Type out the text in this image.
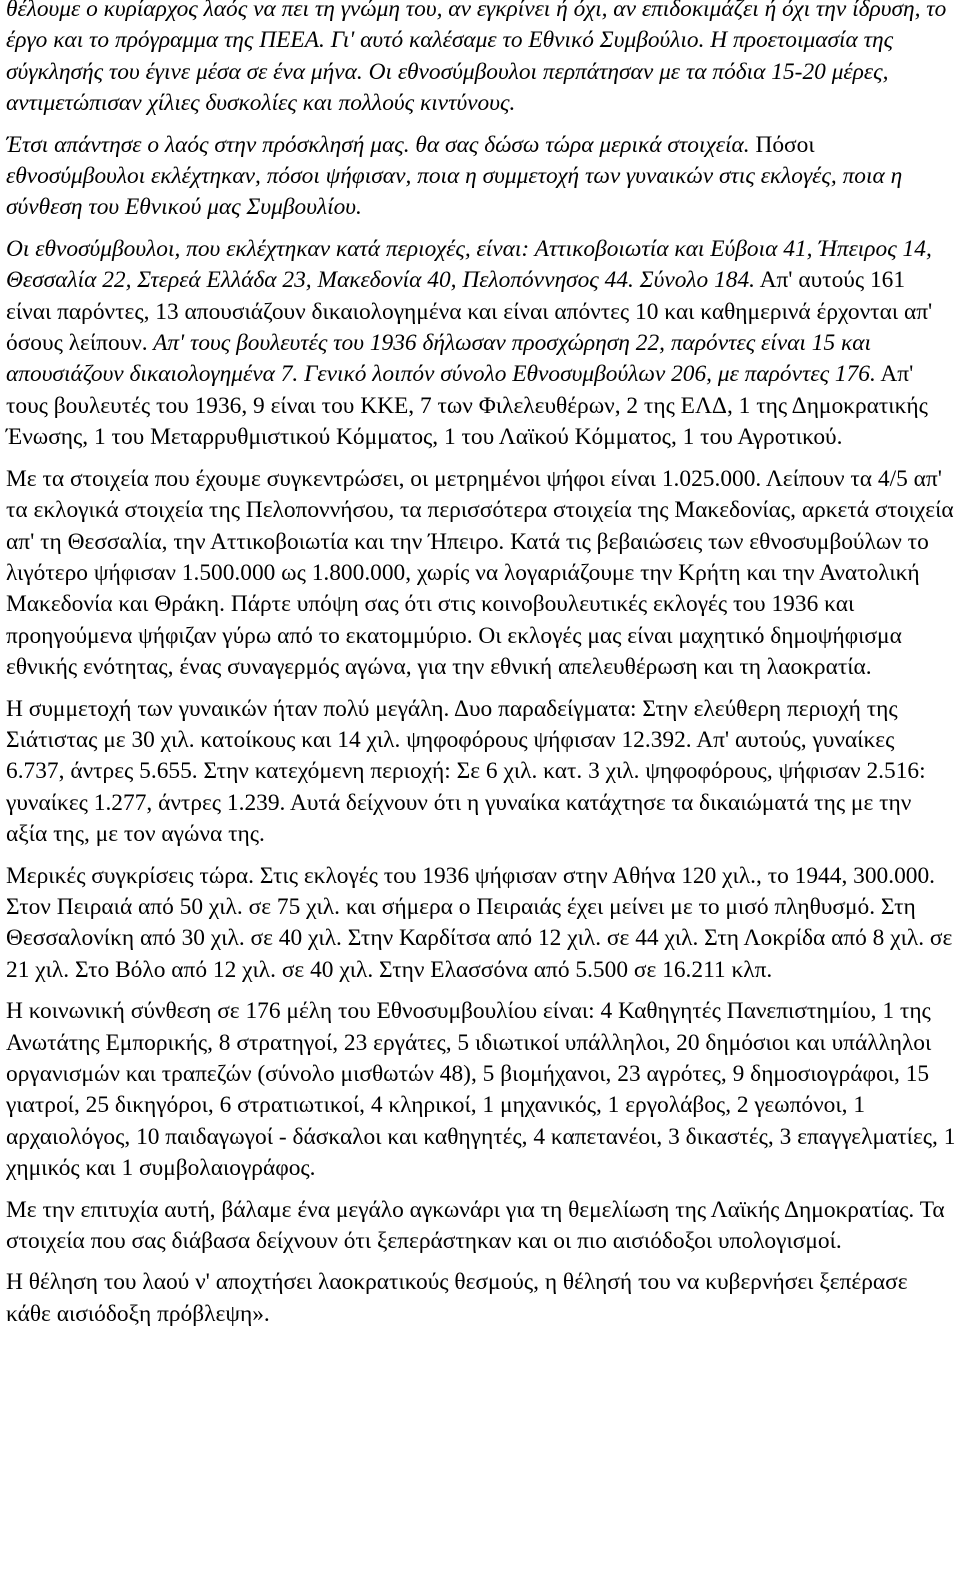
θέλουμε ο κυρίαρχος λαός να πει τη γνώμη του, αν εγκρίνει ή όχι, αν επιδοκιμάζει ή όχι την ίδρυση, το έργο και το πρόγραμμα της ΠΕΕΑ. Γι' αυτό καλέσαμε το Εθνικό Συμβούλιο. Η προετοιμασία της σύγκλησής του έγινε μέσα σε ένα μήνα. Οι εθνοσύμβουλοι περπάτησαν με τα πόδια 15-20 μέρες, αντιμετώπισαν χίλιες δυσκολίες και πολλούς κιντύνους.

Έτσι απάντησε ο λαός στην πρόσκλησή μας. θα σας δώσω τώρα μερικά στοιχεία. Πόσοι εθνοσύμβουλοι εκλέχτηκαν, πόσοι ψήφισαν, ποια η συμμετοχή των γυναικών στις εκλογές, ποια η σύνθεση του Εθνικού μας Συμβουλίου.

Οι εθνοσύμβουλοι, που εκλέχτηκαν κατά περιοχές, είναι: Αττικοβοιωτία και Εύβοια 41, Ήπειρος 14, Θεσσαλία 22, Στερεά Ελλάδα 23, Μακεδονία 40, Πελοπόννησος 44. Σύνολο 184. Απ' αυτούς 161 είναι παρόντες, 13 απουσιάζουν δικαιολογημένα και είναι απόντες 10 και καθημερινά έρχονται απ' όσους λείπουν. Απ' τους βουλευτές του 1936 δήλωσαν προσχώρηση 22, παρόντες είναι 15 και απουσιάζουν δικαιολογημένα 7. Γενικό λοιπόν σύνολο Εθνοσυμβούλων 206, με παρόντες 176. Απ' τους βουλευτές του 1936, 9 είναι του ΚΚΕ, 7 των Φιλελευθέρων, 2 της ΕΛΔ, 1 της Δημοκρατικής Ένωσης, 1 του Μεταρρυθμιστικού Κόμματος, 1 του Λαϊκού Κόμματος, 1 του Αγροτικού.

Με τα στοιχεία που έχουμε συγκεντρώσει, οι μετρημένοι ψήφοι είναι 1.025.000. Λείπουν τα 4/5 απ' τα εκλογικά στοιχεία της Πελοποννήσου, τα περισσότερα στοιχεία της Μακεδονίας, αρκετά στοιχεία απ' τη Θεσσαλία, την Αττικοβοιωτία και την Ήπειρο. Κατά τις βεβαιώσεις των εθνοσυμβούλων το λιγότερο ψήφισαν 1.500.000 ως 1.800.000, χωρίς να λογαριάζουμε την Κρήτη και την Ανατολική Μακεδονία και Θράκη. Πάρτε υπόψη σας ότι στις κοινοβουλευτικές εκλογές του 1936 και προηγούμενα ψήφιζαν γύρω από το εκατομμύριο. Οι εκλογές μας είναι μαχητικό δημοψήφισμα εθνικής ενότητας, ένας συναγερμός αγώνα, για την εθνική απελευθέρωση και τη λαοκρατία.

Η συμμετοχή των γυναικών ήταν πολύ μεγάλη. Δυο παραδείγματα: Στην ελεύθερη περιοχή της Σιάτιστας με 30 χιλ. κατοίκους και 14 χιλ. ψηφοφόρους ψήφισαν 12.392. Απ' αυτούς, γυναίκες 6.737, άντρες 5.655. Στην κατεχόμενη περιοχή: Σε 6 χιλ. κατ. 3 χιλ. ψηφοφόρους, ψήφισαν 2.516: γυναίκες 1.277, άντρες 1.239. Αυτά δείχνουν ότι η γυναίκα κατάχτησε τα δικαιώματά της με την αξία της, με τον αγώνα της.

Μερικές συγκρίσεις τώρα. Στις εκλογές του 1936 ψήφισαν στην Αθήνα 120 χιλ., το 1944, 300.000. Στον Πειραιά από 50 χιλ. σε 75 χιλ. και σήμερα ο Πειραιάς έχει μείνει με το μισό πληθυσμό. Στη Θεσσαλονίκη από 30 χιλ. σε 40 χιλ. Στην Καρδίτσα από 12 χιλ. σε 44 χιλ. Στη Λοκρίδα από 8 χιλ. σε 21 χιλ. Στο Βόλο από 12 χιλ. σε 40 χιλ. Στην Ελασσόνα από 5.500 σε 16.211 κλπ.

Η κοινωνική σύνθεση σε 176 μέλη του Εθνοσυμβουλίου είναι: 4 Καθηγητές Πανεπιστημίου, 1 της Ανωτάτης Εμπορικής, 8 στρατηγοί, 23 εργάτες, 5 ιδιωτικοί υπάλληλοι, 20 δημόσιοι και υπάλληλοι οργανισμών και τραπεζών (σύνολο μισθωτών 48), 5 βιομήχανοι, 23 αγρότες, 9 δημοσιογράφοι, 15 γιατροί, 25 δικηγόροι, 6 στρατιωτικοί, 4 κληρικοί, 1 μηχανικός, 1 εργολάβος, 2 γεωπόνοι, 1 αρχαιολόγος, 10 παιδαγωγοί - δάσκαλοι και καθηγητές, 4 καπετανέοι, 3 δικαστές, 3 επαγγελματίες, 1 χημικός και 1 συμβολαιογράφος.

Με την επιτυχία αυτή, βάλαμε ένα μεγάλο αγκωνάρι για τη θεμελίωση της Λαϊκής Δημοκρατίας. Τα στοιχεία που σας διάβασα δείχνουν ότι ξεπεράστηκαν και οι πιο αισιόδοξοι υπολογισμοί.

Η θέληση του λαού ν' αποχτήσει λαοκρατικούς θεσμούς, η θέλησή του να κυβερνήσει ξεπέρασε κάθε αισιόδοξη πρόβλεψη».
